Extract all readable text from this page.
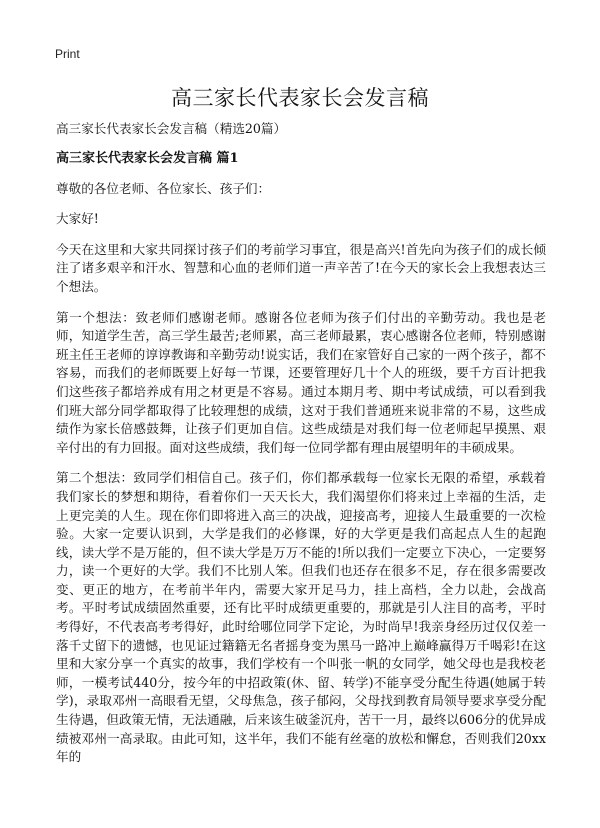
Print
高三家长代表家长会发言稿

高三家长代表家长会发言稿（精选20篇）

高三家长代表家长会发言稿 篇1

尊敬的各位老师、各位家长、孩子们：

大家好!

今天在这里和大家共同探讨孩子们的考前学习事宜，很是高兴!首先向为孩子们的成长倾注了诸多艰辛和汗水、智慧和心血的老师们道一声辛苦了!在今天的家长会上我想表达三个想法。

第一个想法：致老师们感谢老师。感谢各位老师为孩子们付出的辛勤劳动。我也是老师，知道学生苦，高三学生最苦;老师累，高三老师最累，衷心感谢各位老师，特别感谢班主任王老师的谆谆教诲和辛勤劳动!说实话，我们在家管好自己家的一两个孩子，都不容易，而我们的老师既要上好每一节课，还要管理好几十个人的班级，要千方百计把我们这些孩子都培养成有用之材更是不容易。通过本期月考、期中考试成绩，可以看到我们班大部分同学都取得了比较理想的成绩，这对于我们普通班来说非常的不易，这些成绩作为家长倍感鼓舞，让孩子们更加自信。这些成绩是对我们每一位老师起早摸黑、艰辛付出的有力回报。面对这些成绩，我们每一位同学都有理由展望明年的丰硕成果。

第二个想法：致同学们相信自己。孩子们，你们都承载每一位家长无限的希望，承载着我们家长的梦想和期待，看着你们一天天长大，我们渴望你们将来过上幸福的生活，走上更完美的人生。现在你们即将进入高三的决战，迎接高考，迎接人生最重要的一次检验。大家一定要认识到，大学是我们的必修课，好的大学更是我们高起点人生的起跑线，读大学不是万能的，但不读大学是万万不能的!所以我们一定要立下决心，一定要努力，读一个更好的大学。我们不比别人笨。但我们也还存在很多不足，存在很多需要改变、更正的地方，在考前半年内，需要大家开足马力，挂上高档，全力以赴，会战高考。平时考试成绩固然重要，还有比平时成绩更重要的，那就是引人注目的高考，平时考得好，不代表高考考得好，此时给哪位同学下定论，为时尚早!我亲身经历过仅仅差一落千丈留下的遗憾，也见证过籍籍无名者摇身变为黑马一路冲上巅峰赢得万千喝彩!在这里和大家分享一个真实的故事，我们学校有一个叫张一帆的女同学，她父母也是我校老师，一模考试440分，按今年的中招政策(休、留、转学)不能享受分配生待遇(她属于转学)，录取邓州一高眼看无望，父母焦急，孩子郁闷，父母找到教育局领导要求享受分配生待遇，但政策无情，无法通融，后来该生破釜沉舟，苦干一月，最终以606分的优异成绩被邓州一高录取。由此可知，这半年，我们不能有丝毫的放松和懈怠，否则我们20xx年的
